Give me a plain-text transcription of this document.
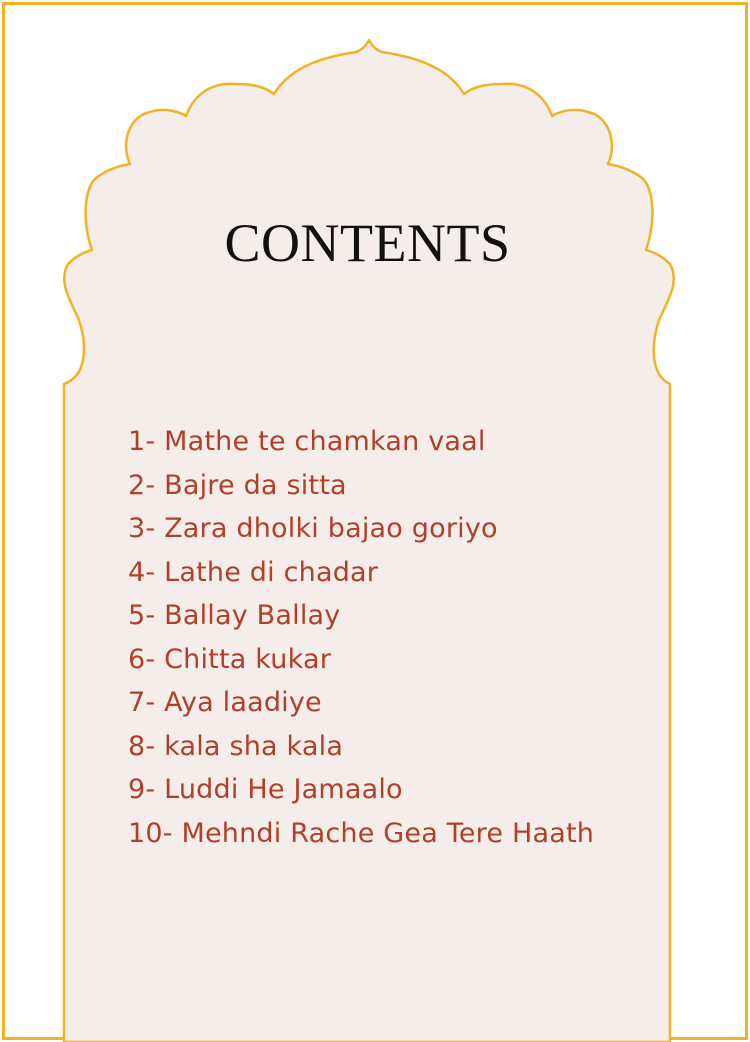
CONTENTS
1- Mathe te chamkan vaal
2- Bajre da sitta
3- Zara dholki bajao goriyo
4- Lathe di chadar
5- Ballay Ballay
6- Chitta kukar
7- Aya laadiye
8- kala sha kala
9- Luddi He Jamaalo
10- Mehndi Rache Gea Tere Haath
